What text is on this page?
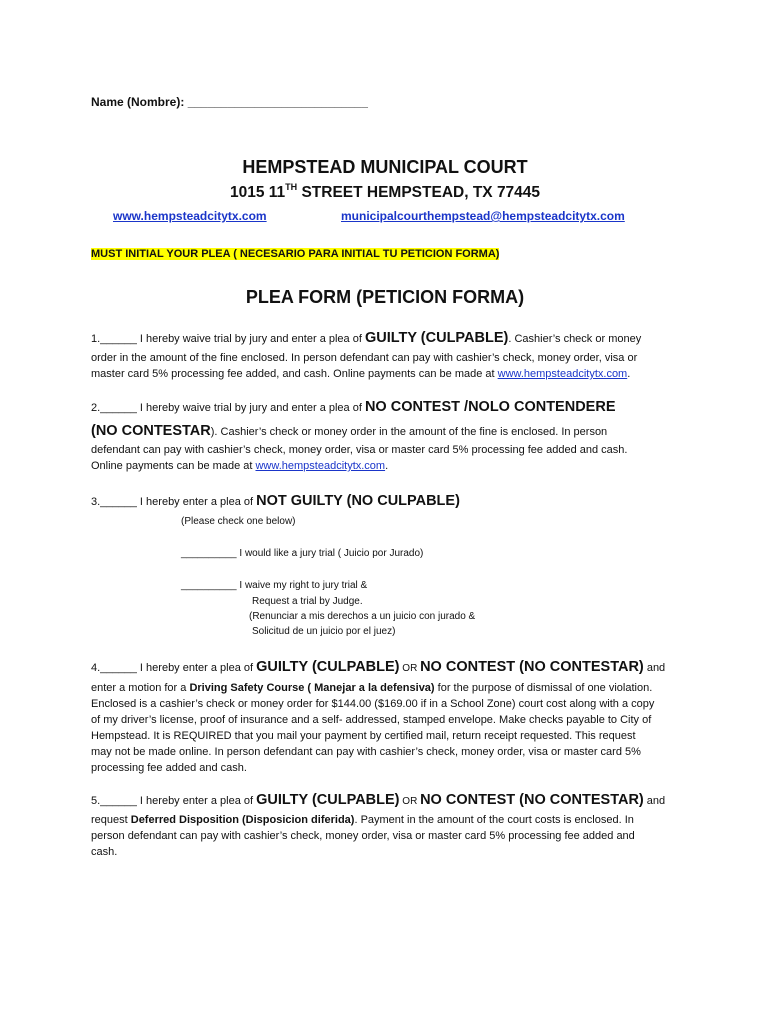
Name (Nombre): ___________________________
HEMPSTEAD MUNICIPAL COURT
1015 11TH STREET HEMPSTEAD, TX 77445
www.hempsteadcitytx.com	municipalcourthempstead@hempsteadcitytx.com
MUST INITIAL YOUR PLEA ( NECESARIO PARA INITIAL TU PETICION FORMA)
PLEA FORM (PETICION FORMA)
1.______ I hereby waive trial by jury and enter a plea of GUILTY (CULPABLE). Cashier’s check or money
order in the amount of the fine enclosed. In person defendant can pay with cashier’s check, money order, visa or
master card 5% processing fee added, and cash. Online payments can be made at www.hempsteadcitytx.com.
2.______ I hereby waive trial by jury and enter a plea of NO CONTEST /NOLO CONTENDERE
(NO CONTESTAR). Cashier’s check or money order in the amount of the fine is enclosed. In person
defendant can pay with cashier’s check, money order, visa or master card 5% processing fee added and cash.
Online payments can be made at www.hempsteadcitytx.com.
3.______ I hereby enter a plea of NOT GUILTY (NO CULPABLE)
(Please check one below)
__________ I would like a jury trial ( Juicio por Jurado)
__________ I waive my right to jury trial &
Request a trial by Judge.
(Renunciar a mis derechos a un juicio con jurado &
Solicitud de un juicio por el juez)
4.______ I hereby enter a plea of GUILTY (CULPABLE) OR NO CONTEST (NO CONTESTAR) and
enter a motion for a Driving Safety Course ( Manejar a la defensiva) for the purpose of dismissal of one violation.
Enclosed is a cashier’s check or money order for $144.00 ($169.00 if in a School Zone) court cost along with a copy
of my driver’s license, proof of insurance and a self- addressed, stamped envelope. Make checks payable to City of
Hempstead. It is REQUIRED that you mail your payment by certified mail, return receipt requested. This request
may not be made online. In person defendant can pay with cashier’s check, money order, visa or master card 5%
processing fee added and cash.
5.______ I hereby enter a plea of GUILTY (CULPABLE) OR NO CONTEST (NO CONTESTAR) and
request Deferred Disposition (Disposicion diferida). Payment in the amount of the court costs is enclosed. In
person defendant can pay with cashier’s check, money order, visa or master card 5% processing fee added and
cash.
